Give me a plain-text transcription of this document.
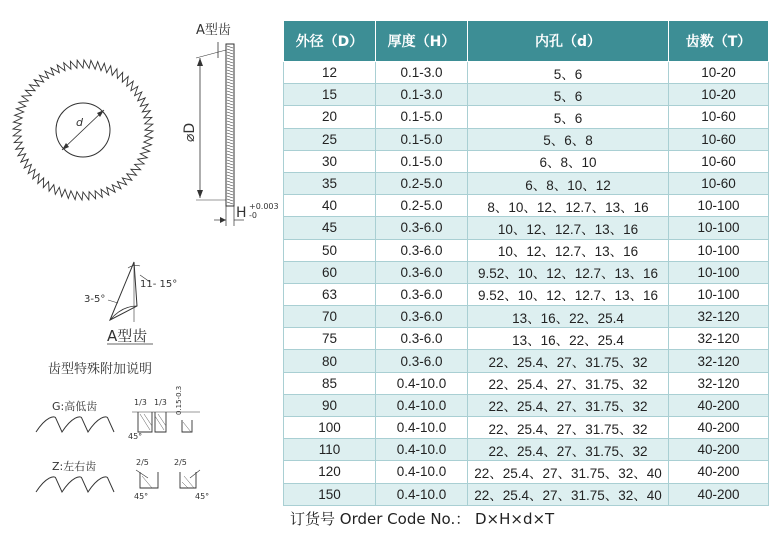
d
A型齿
⌀D
H +0.003
-0
11- 15°
3-5°
A型齿
齿型特殊附加说明
G:高低齿	1/3 1/3 0.15-0.3
45°
Z:左右齿	2/5	2/5
45°	45°
外径（D）	厚度（H）	内孔（d）	齿数（T）
12	0.1-3.0	5、6	10-20
15	0.1-3.0	5、6	10-20
20	0.1-5.0	5、6	10-60
25	0.1-5.0	5、6、8	10-60
30	0.1-5.0	6、8、10	10-60
35	0.2-5.0	6、8、10、12	10-60
40	0.2-5.0	8、10、12、12.7、13、16	10-100
45	0.3-6.0	10、12、12.7、13、16	10-100
50	0.3-6.0	10、12、12.7、13、16	10-100
60	0.3-6.0	9.52、10、12、12.7、13、16	10-100
63	0.3-6.0	9.52、10、12、12.7、13、16	10-100
70	0.3-6.0	13、16、22、25.4	32-120
75	0.3-6.0	13、16、22、25.4	32-120
80	0.3-6.0	22、25.4、27、31.75、32	32-120
85	0.4-10.0	22、25.4、27、31.75、32	32-120
90	0.4-10.0	22、25.4、27、31.75、32	40-200
100	0.4-10.0	22、25.4、27、31.75、32	40-200
110	0.4-10.0	22、25.4、27、31.75、32	40-200
120	0.4-10.0	22、25.4、27、31.75、32、40	40-200
150	0.4-10.0	22、25.4、27、31.75、32、40	40-200
订货号 Order Code No.： D×H×d×T
